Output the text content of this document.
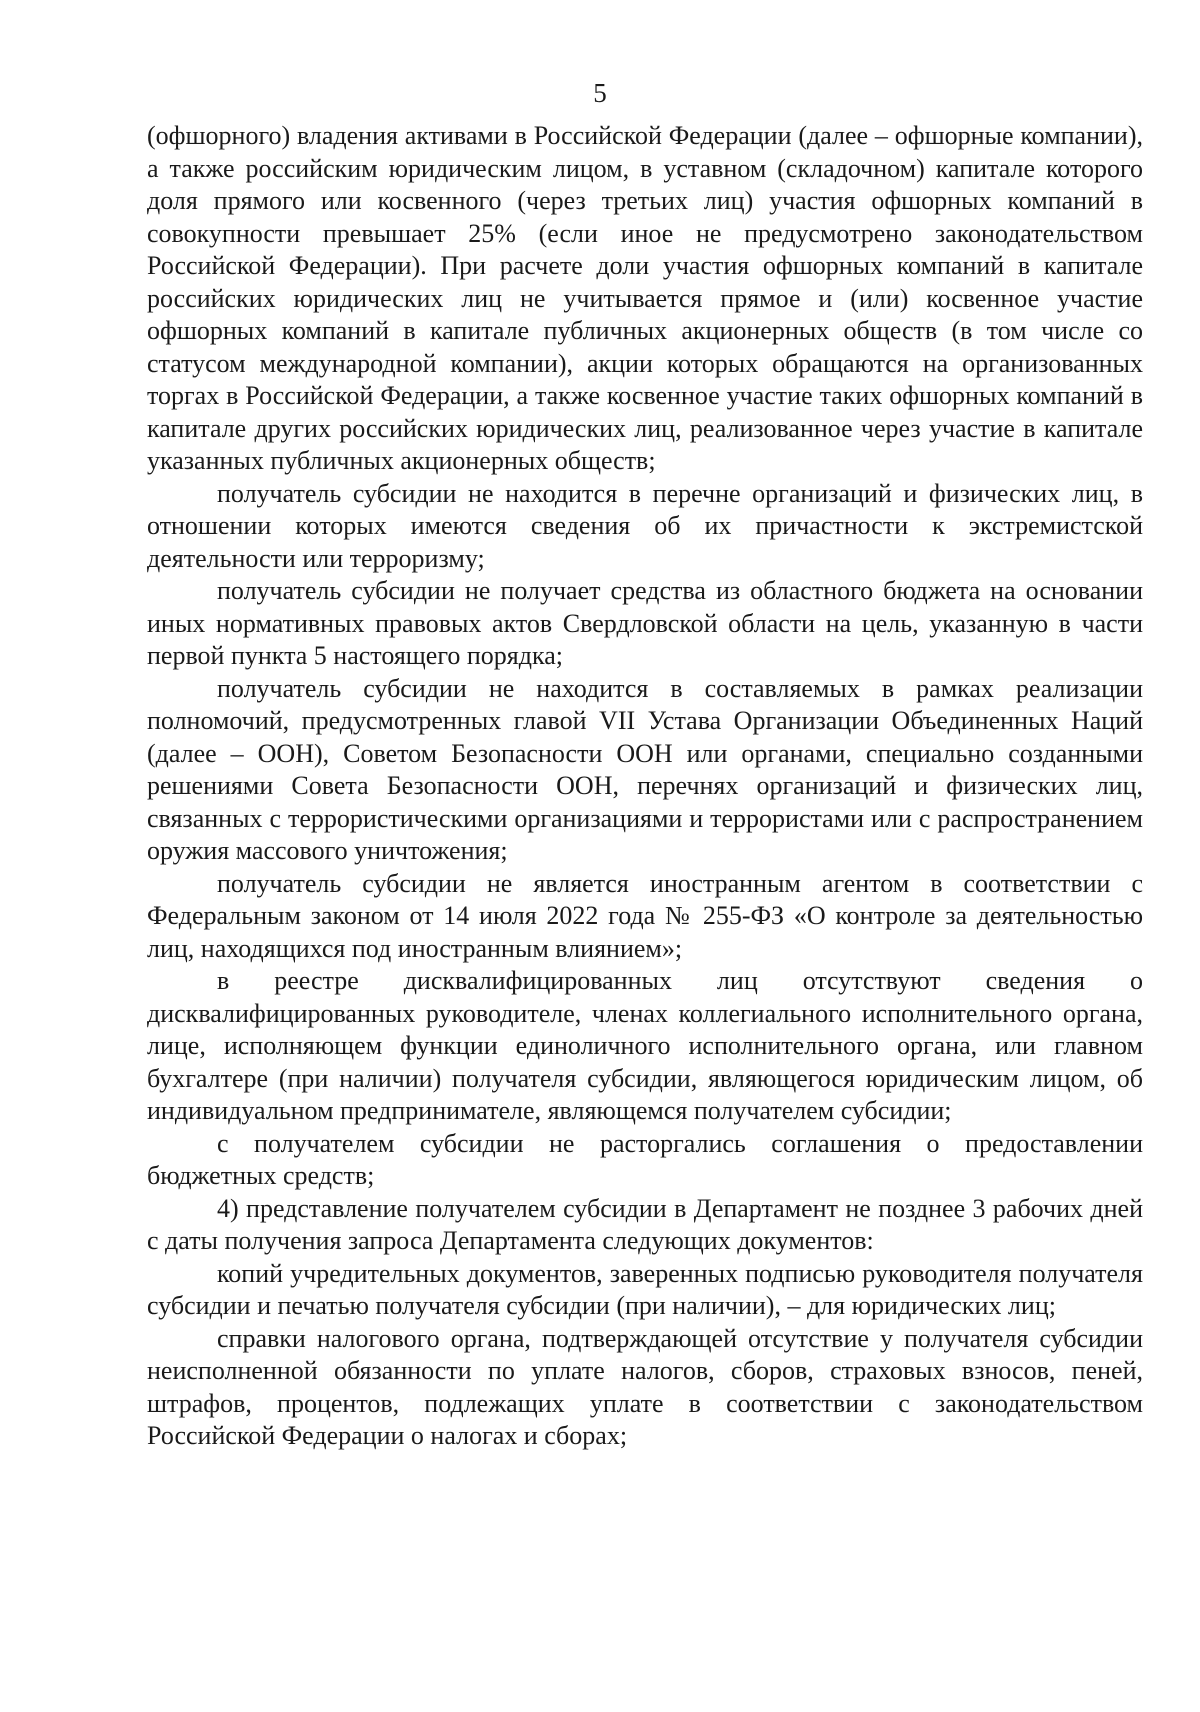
5

(офшорного) владения активами в Российской Федерации (далее – офшорные компании), а также российским юридическим лицом, в уставном (складочном) капитале которого доля прямого или косвенного (через третьих лиц) участия офшорных компаний в совокупности превышает 25% (если иное не предусмотрено законодательством Российской Федерации). При расчете доли участия офшорных компаний в капитале российских юридических лиц не учитывается прямое и (или) косвенное участие офшорных компаний в капитале публичных акционерных обществ (в том числе со статусом международной компании), акции которых обращаются на организованных торгах в Российской Федерации, а также косвенное участие таких офшорных компаний в капитале других российских юридических лиц, реализованное через участие в капитале указанных публичных акционерных обществ;

получатель субсидии не находится в перечне организаций и физических лиц, в отношении которых имеются сведения об их причастности к экстремистской деятельности или терроризму;

получатель субсидии не получает средства из областного бюджета на основании иных нормативных правовых актов Свердловской области на цель, указанную в части первой пункта 5 настоящего порядка;

получатель субсидии не находится в составляемых в рамках реализации полномочий, предусмотренных главой VII Устава Организации Объединенных Наций (далее – ООН), Советом Безопасности ООН или органами, специально созданными решениями Совета Безопасности ООН, перечнях организаций и физических лиц, связанных с террористическими организациями и террористами или с распространением оружия массового уничтожения;

получатель субсидии не является иностранным агентом в соответствии с Федеральным законом от 14 июля 2022 года № 255-ФЗ «О контроле за деятельностью лиц, находящихся под иностранным влиянием»;

в реестре дисквалифицированных лиц отсутствуют сведения о дисквалифицированных руководителе, членах коллегиального исполнительного органа, лице, исполняющем функции единоличного исполнительного органа, или главном бухгалтере (при наличии) получателя субсидии, являющегося юридическим лицом, об индивидуальном предпринимателе, являющемся получателем субсидии;

с получателем субсидии не расторгались соглашения о предоставлении бюджетных средств;

4) представление получателем субсидии в Департамент не позднее 3 рабочих дней с даты получения запроса Департамента следующих документов:

копий учредительных документов, заверенных подписью руководителя получателя субсидии и печатью получателя субсидии (при наличии), – для юридических лиц;

справки налогового органа, подтверждающей отсутствие у получателя субсидии неисполненной обязанности по уплате налогов, сборов, страховых взносов, пеней, штрафов, процентов, подлежащих уплате в соответствии с законодательством Российской Федерации о налогах и сборах;
